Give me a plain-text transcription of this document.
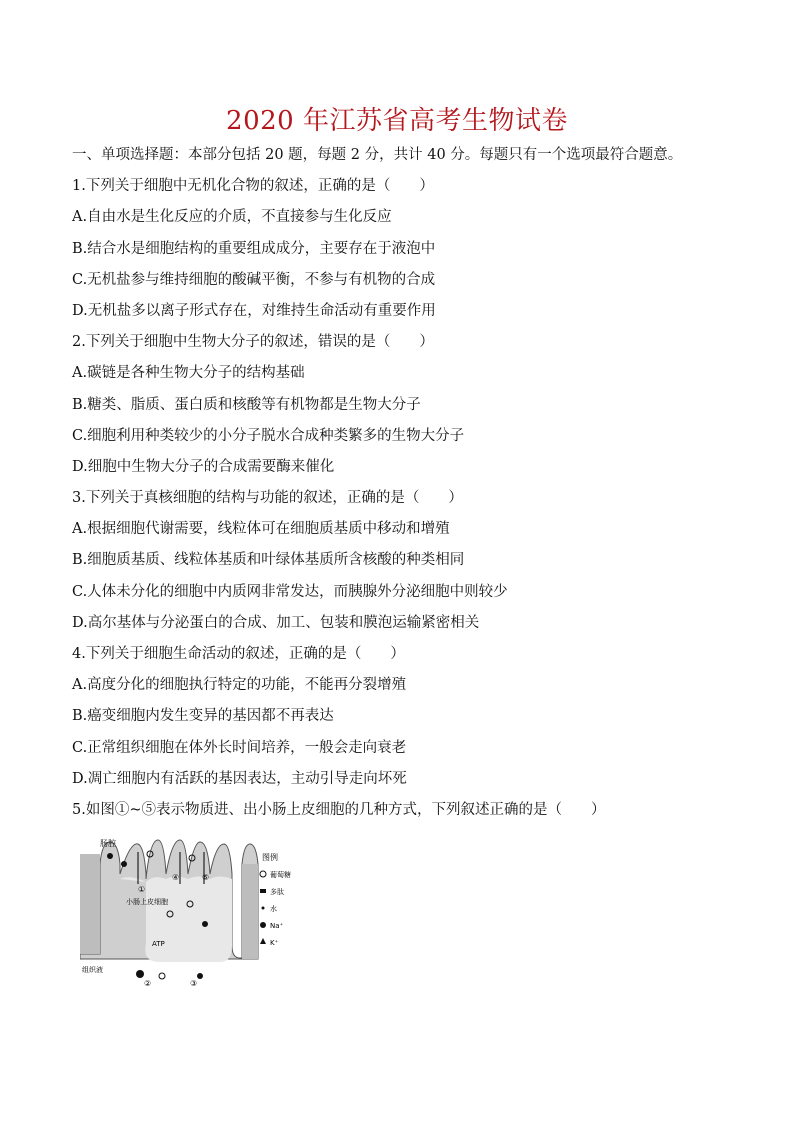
2020 年江苏省高考生物试卷
一、单项选择题：本部分包括 20 题，每题 2 分，共计 40 分。每题只有一个选项最符合题意。
1.下列关于细胞中无机化合物的叙述，正确的是（　　）
A.自由水是生化反应的介质，不直接参与生化反应
B.结合水是细胞结构的重要组成成分，主要存在于液泡中
C.无机盐参与维持细胞的酸碱平衡，不参与有机物的合成
D.无机盐多以离子形式存在，对维持生命活动有重要作用
2.下列关于细胞中生物大分子的叙述，错误的是（　　）
A.碳链是各种生物大分子的结构基础
B.糖类、脂质、蛋白质和核酸等有机物都是生物大分子
C.细胞利用种类较少的小分子脱水合成种类繁多的生物大分子
D.细胞中生物大分子的合成需要酶来催化
3.下列关于真核细胞的结构与功能的叙述，正确的是（　　）
A.根据细胞代谢需要，线粒体可在细胞质基质中移动和增殖
B.细胞质基质、线粒体基质和叶绿体基质所含核酸的种类相同
C.人体未分化的细胞中内质网非常发达，而胰腺外分泌细胞中则较少
D.高尔基体与分泌蛋白的合成、加工、包装和膜泡运输紧密相关
4.下列关于细胞生命活动的叙述，正确的是（　　）
A.高度分化的细胞执行特定的功能，不能再分裂增殖
B.癌变细胞内发生变异的基因都不再表达
C.正常组织细胞在体外长时间培养，一般会走向衰老
D.凋亡细胞内有活跃的基因表达，主动引导走向坏死
5.如图①~⑤表示物质进、出小肠上皮细胞的几种方式，下列叙述正确的是（　　）
肠腔
小肠上皮细胞
ATP
组织液
①
②	③
④	⑤
图例
葡萄糖
多肽
水
Na⁺
K⁺
